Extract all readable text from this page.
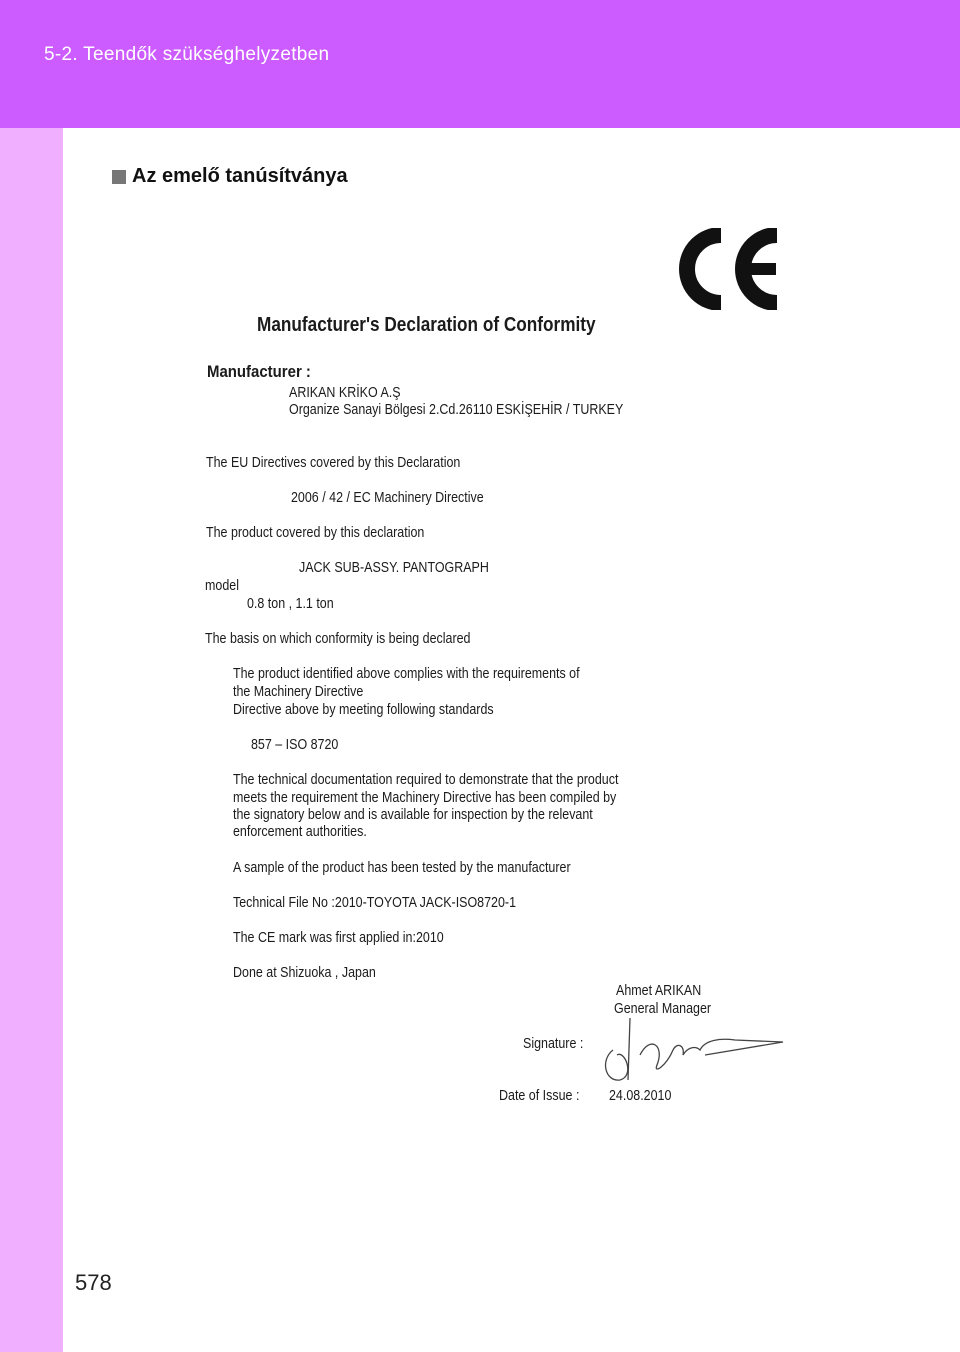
5-2. Teendők szükséghelyzetben
578
Az emelő tanúsítványa
Manufacturer's Declaration of Conformity
Manufacturer :
ARIKAN KRİKO A.Ş
Organize Sanayi Bölgesi 2.Cd.26110 ESKİŞEHİR / TURKEY
The EU Directives covered by this Declaration
2006 / 42 / EC Machinery Directive
The product covered by this declaration
JACK SUB-ASSY. PANTOGRAPH
model
0.8 ton , 1.1 ton
The basis on which conformity is being declared
The product identified above complies with the requirements of
the Machinery Directive
Directive above by meeting following standards
857 – ISO 8720
The technical documentation required to demonstrate that the product
meets the requirement the Machinery Directive has been compiled by
the signatory below and is available for inspection by the relevant
enforcement authorities.
A sample of the product has been tested by the manufacturer
Technical File No :2010-TOYOTA JACK-ISO8720-1
The CE mark was first applied in:2010
Done at Shizuoka , Japan
Ahmet ARIKAN
General Manager
Signature :
Date of Issue : 24.08.2010
